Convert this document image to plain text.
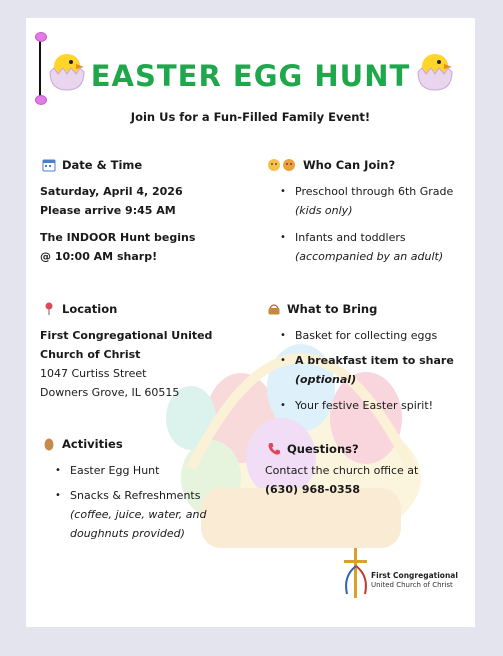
EASTER EGG HUNT
Join Us for a Fun-Filled Family Event!
Date & Time
Saturday, April 4, 2026
Please arrive 9:45 AM
The INDOOR Hunt begins
@ 10:00 AM sharp!
Who Can Join?
• Preschool through 6th Grade
(kids only)
• Infants and toddlers
(accompanied by an adult)
Location
First Congregational United
Church of Christ
1047 Curtiss Street
Downers Grove, IL 60515
What to Bring
• Basket for collecting eggs
• A breakfast item to share
(optional)
• Your festive Easter spirit!
Activities
• Easter Egg Hunt
• Snacks & Refreshments
(coffee, juice, water, and
doughnuts provided)
Questions?
Contact the church office at
(630) 968-0358
First Congregational
United Church of Christ
